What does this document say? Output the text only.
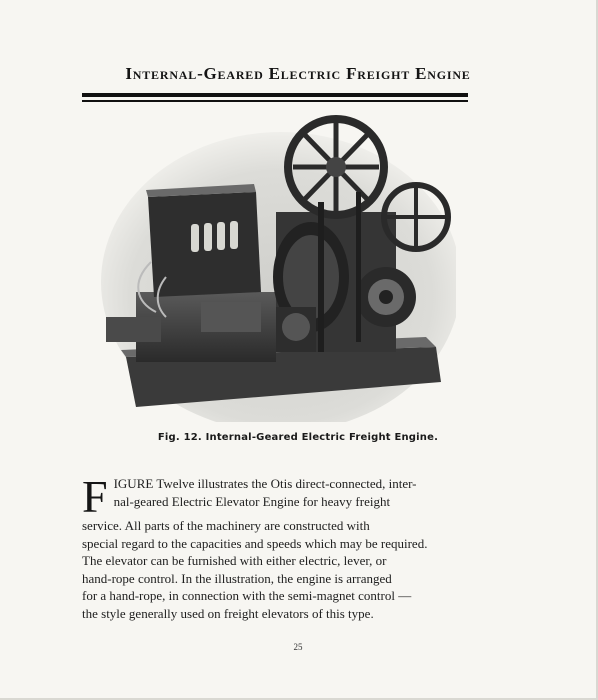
Internal-Geared Electric Freight Engine
Fig. 12. Internal-Geared Electric Freight Engine.
F IGURE Twelve illustrates the Otis direct-connected, inter-
nal-geared Electric Elevator Engine for heavy freight
service. All parts of the machinery are constructed with
special regard to the capacities and speeds which may be required.
The elevator can be furnished with either electric, lever, or
hand-rope control. In the illustration, the engine is arranged
for a hand-rope, in connection with the semi-magnet control —
the style generally used on freight elevators of this type.
25
